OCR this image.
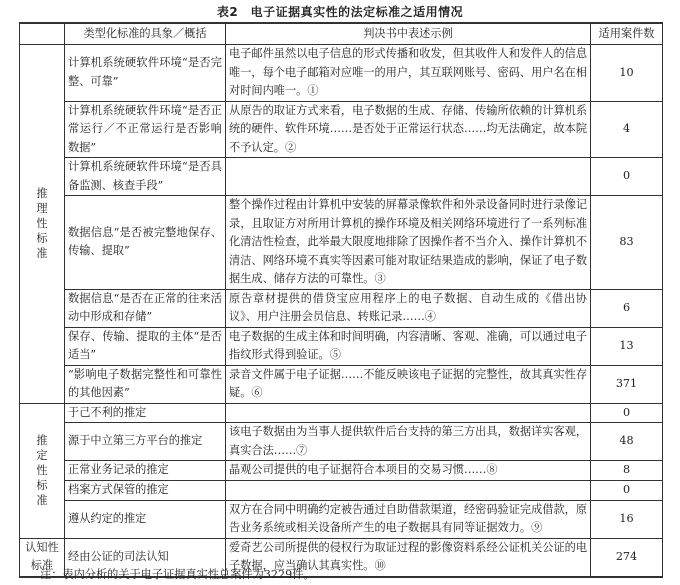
表2　电子证据真实性的法定标准之适用情况
	类型化标准的具象／概括	判决书中表述示例	适用案件数
推理性标准	计算机系统硬软件环境“是否完整、可靠”	电子邮件虽然以电子信息的形式传播和收发，但其收件人和发件人的信息唯一，每个电子邮箱对应唯一的用户，其互联网账号、密码、用户名在相对时间内唯一。①	10
	计算机系统硬软件环境“是否正常运行／不正常运行是否影响数据”	从原告的取证方式来看，电子数据的生成、存储、传输所依赖的计算机系统的硬件、软件环境……是否处于正常运行状态……均无法确定，故本院不予认定。②	4
	计算机系统硬软件环境“是否具备监测、核查手段”		0
	数据信息“是否被完整地保存、传输、提取”	整个操作过程由计算机中安装的屏幕录像软件和外录设备同时进行录像记录，且取证方对所用计算机的操作环境及相关网络环境进行了一系列标准化清洁性检查，此举最大限度地排除了因操作者不当介入、操作计算机不清洁、网络环境不真实等因素可能对取证结果造成的影响，保证了电子数据生成、储存方法的可靠性。③	83
	数据信息“是否在正常的往来活动中形成和存储”	原告章材提供的借贷宝应用程序上的电子数据、自动生成的《借出协议》、用户注册会员信息、转账记录……④	6
	保存、传输、提取的主体“是否适当”	电子数据的生成主体和时间明确，内容清晰、客观、准确，可以通过电子指纹形式得到验证。⑤	13
	“影响电子数据完整性和可靠性的其他因素”	录音文件属于电子证据……不能反映该电子证据的完整性，故其真实性存疑。⑥	371
推定性标准	于己不利的推定		0
	源于中立第三方平台的推定	该电子数据由为当事人提供软件后台支持的第三方出具，数据详实客观，真实合法……⑦	48
	正常业务记录的推定	晶观公司提供的电子证据符合本项目的交易习惯……⑧	8
	档案方式保管的推定		0
	遵从约定的推定	双方在合同中明确约定被告通过自助借款渠道，经密码验证完成借款，原告业务系统或相关设备所产生的电子数据具有同等证据效力。⑨	16
认知性标准	经由公证的司法认知	爱奇艺公司所提供的侵权行为取证过程的影像资料系经公证机关公证的电子数据，应当确认其真实性。⑩	274
注：表内分析的关于电子证据真实性总案件为3229件。
